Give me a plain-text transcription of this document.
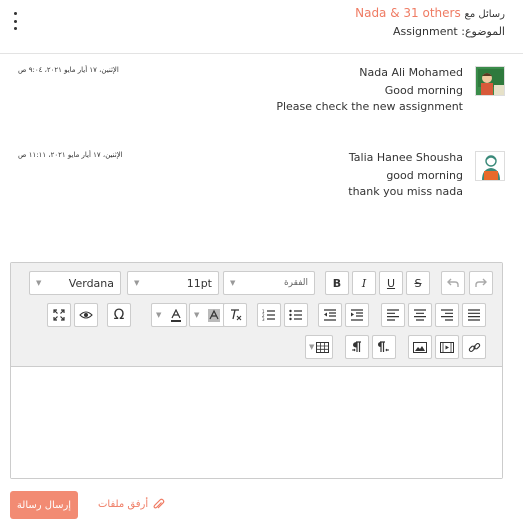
رسائل مع Nada & 31 others
الموضوع: Assignment
Nada Ali Mohamed
Good morning
Please check the new assignment
الإثنين، ١٧ أيار مايو ٢٠٢١، ٩:٠٤ ص
Talia Hanee Shousha
good morning
thank you miss nada
الإثنين، ١٧ أيار مايو ٢٠٢١، ١١:١١ ص
▼ Verdana	▼	11pt	▼	الفقرة	B	I	U	S
Ω	▼	▼	1
2
3
▼
إرسال رسالة	أرفق ملفات
